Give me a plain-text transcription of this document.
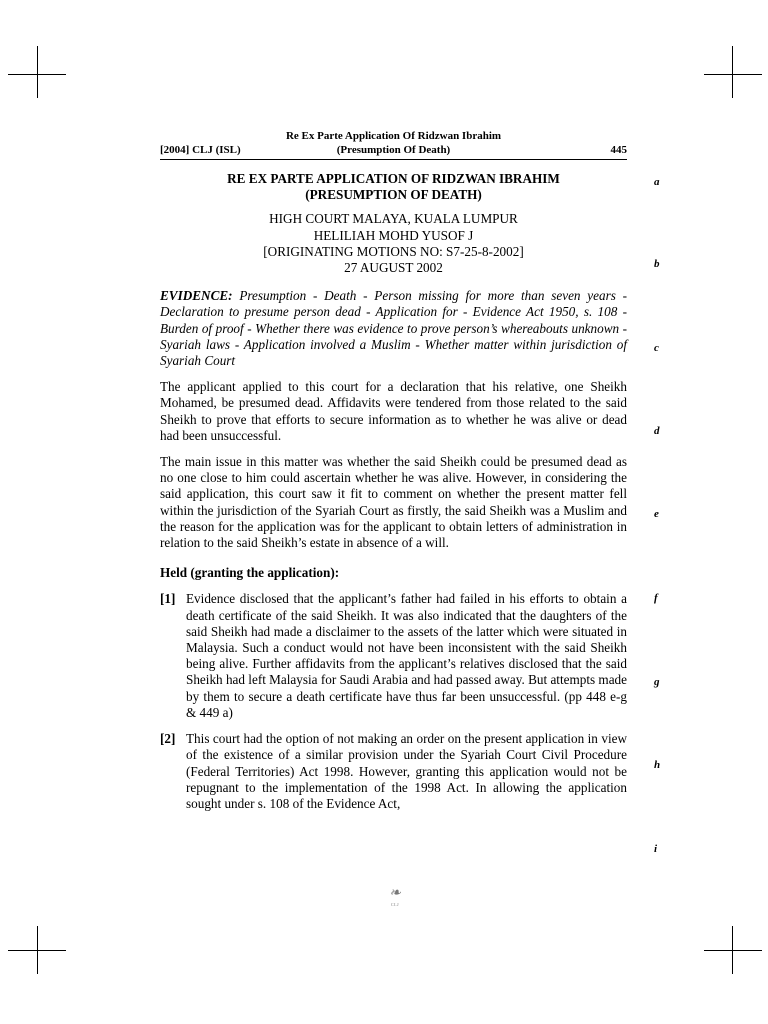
Re Ex Parte Application Of Ridzwan Ibrahim
[2004] CLJ (ISL)	(Presumption Of Death)	445
a
b
c
d
e
f
g
h
i
RE EX PARTE APPLICATION OF RIDZWAN IBRAHIM
(PRESUMPTION OF DEATH)
HIGH COURT MALAYA, KUALA LUMPUR
HELILIAH MOHD YUSOF J
[ORIGINATING MOTIONS NO: S7-25-8-2002]
27 AUGUST 2002

EVIDENCE: Presumption - Death - Person missing for more than seven years - Declaration to presume person dead - Application for - Evidence Act 1950, s. 108 - Burden of proof - Whether there was evidence to prove person’s whereabouts unknown - Syariah laws - Application involved a Muslim - Whether matter within jurisdiction of Syariah Court

The applicant applied to this court for a declaration that his relative, one Sheikh Mohamed, be presumed dead. Affidavits were tendered from those related to the said Sheikh to prove that efforts to secure information as to whether he was alive or dead had been unsuccessful.

The main issue in this matter was whether the said Sheikh could be presumed dead as no one close to him could ascertain whether he was alive. However, in considering the said application, this court saw it fit to comment on whether the present matter fell within the jurisdiction of the Syariah Court as firstly, the said Sheikh was a Muslim and the reason for the application was for the applicant to obtain letters of administration in relation to the said Sheikh’s estate in absence of a will.

Held (granting the application):
[1] Evidence disclosed that the applicant’s father had failed in his efforts to obtain a death certificate of the said Sheikh. It was also indicated that the daughters of the said Sheikh had made a disclaimer to the assets of the latter which were situated in Malaysia. Such a conduct would not have been inconsistent with the said Sheikh being alive. Further affidavits from the applicant’s relatives disclosed that the said Sheikh had left Malaysia for Saudi Arabia and had passed away. But attempts made by them to secure a death certificate have thus far been unsuccessful. (pp 448 e-g & 449 a)
[2] This court had the option of not making an order on the present application in view of the existence of a similar provision under the Syariah Court Civil Procedure (Federal Territories) Act 1998. However, granting this application would not be repugnant to the implementation of the 1998 Act. In allowing the application sought under s. 108 of the Evidence Act,
❧
CLJ
